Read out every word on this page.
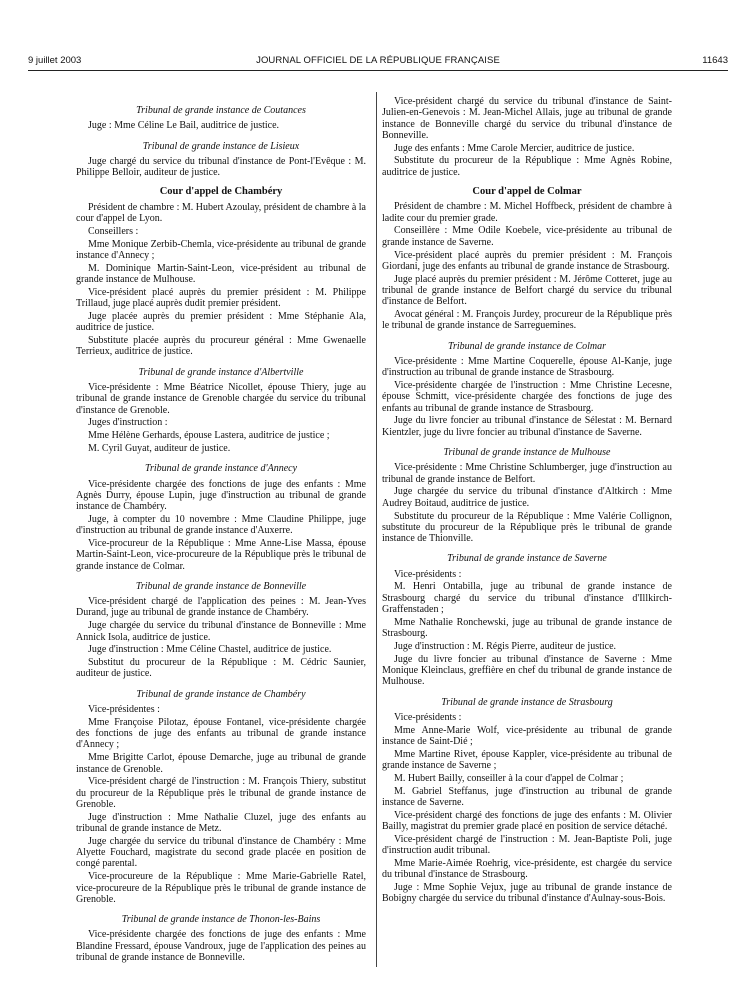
9 juillet 2003	JOURNAL OFFICIEL DE LA RÉPUBLIQUE FRANÇAISE	11643
Tribunal de grande instance de Coutances

Juge : Mme Céline Le Bail, auditrice de justice.

Tribunal de grande instance de Lisieux

Juge chargé du service du tribunal d'instance de Pont-l'Evêque : M. Philippe Belloir, auditeur de justice.

Cour d'appel de Chambéry

Président de chambre : M. Hubert Azoulay, président de chambre à la cour d'appel de Lyon.

Conseillers :

Mme Monique Zerbib-Chemla, vice-présidente au tribunal de grande instance d'Annecy ;

M. Dominique Martin-Saint-Leon, vice-président au tribunal de grande instance de Mulhouse.

Vice-président placé auprès du premier président : M. Philippe Trillaud, juge placé auprès dudit premier président.

Juge placée auprès du premier président : Mme Stéphanie Ala, auditrice de justice.

Substitute placée auprès du procureur général : Mme Gwenaelle Terrieux, auditrice de justice.

Tribunal de grande instance d'Albertville

Vice-présidente : Mme Béatrice Nicollet, épouse Thiery, juge au tribunal de grande instance de Grenoble chargée du service du tribunal d'instance de Grenoble.

Juges d'instruction :

Mme Hélène Gerhards, épouse Lastera, auditrice de justice ;

M. Cyril Guyat, auditeur de justice.

Tribunal de grande instance d'Annecy

Vice-présidente chargée des fonctions de juge des enfants : Mme Agnès Durry, épouse Lupin, juge d'instruction au tribunal de grande instance de Chambéry.

Juge, à compter du 10 novembre : Mme Claudine Philippe, juge d'instruction au tribunal de grande instance d'Auxerre.

Vice-procureur de la République : Mme Anne-Lise Massa, épouse Martin-Saint-Leon, vice-procureure de la République près le tribunal de grande instance de Colmar.

Tribunal de grande instance de Bonneville

Vice-président chargé de l'application des peines : M. Jean-Yves Durand, juge au tribunal de grande instance de Chambéry.

Juge chargée du service du tribunal d'instance de Bonneville : Mme Annick Isola, auditrice de justice.

Juge d'instruction : Mme Céline Chastel, auditrice de justice.

Substitut du procureur de la République : M. Cédric Saunier, auditeur de justice.

Tribunal de grande instance de Chambéry

Vice-présidentes :

Mme Françoise Pilotaz, épouse Fontanel, vice-présidente chargée des fonctions de juge des enfants au tribunal de grande instance d'Annecy ;

Mme Brigitte Carlot, épouse Demarche, juge au tribunal de grande instance de Grenoble.

Vice-président chargé de l'instruction : M. François Thiery, substitut du procureur de la République près le tribunal de grande instance de Grenoble.

Juge d'instruction : Mme Nathalie Cluzel, juge des enfants au tribunal de grande instance de Metz.

Juge chargée du service du tribunal d'instance de Chambéry : Mme Alyette Fouchard, magistrate du second grade placée en position de congé parental.

Vice-procureure de la République : Mme Marie-Gabrielle Ratel, vice-procureure de la République près le tribunal de grande instance de Grenoble.

Tribunal de grande instance de Thonon-les-Bains

Vice-présidente chargée des fonctions de juge des enfants : Mme Blandine Fressard, épouse Vandroux, juge de l'application des peines au tribunal de grande instance de Bonneville.

Vice-président chargé du service du tribunal d'instance de Saint-Julien-en-Genevois : M. Jean-Michel Allais, juge au tribunal de grande instance de Bonneville chargé du service du tribunal d'instance de Bonneville.

Juge des enfants : Mme Carole Mercier, auditrice de justice.

Substitute du procureur de la République : Mme Agnès Robine, auditrice de justice.

Cour d'appel de Colmar

Président de chambre : M. Michel Hoffbeck, président de chambre à ladite cour du premier grade.

Conseillère : Mme Odile Koebele, vice-présidente au tribunal de grande instance de Saverne.

Vice-président placé auprès du premier président : M. François Giordani, juge des enfants au tribunal de grande instance de Strasbourg.

Juge placé auprès du premier président : M. Jérôme Cotteret, juge au tribunal de grande instance de Belfort chargé du service du tribunal d'instance de Belfort.

Avocat général : M. François Jurdey, procureur de la République près le tribunal de grande instance de Sarreguemines.

Tribunal de grande instance de Colmar

Vice-présidente : Mme Martine Coquerelle, épouse Al-Kanje, juge d'instruction au tribunal de grande instance de Strasbourg.

Vice-présidente chargée de l'instruction : Mme Christine Lecesne, épouse Schmitt, vice-présidente chargée des fonctions de juge des enfants au tribunal de grande instance de Strasbourg.

Juge du livre foncier au tribunal d'instance de Sélestat : M. Bernard Kientzler, juge du livre foncier au tribunal d'instance de Saverne.

Tribunal de grande instance de Mulhouse

Vice-présidente : Mme Christine Schlumberger, juge d'instruction au tribunal de grande instance de Belfort.

Juge chargée du service du tribunal d'instance d'Altkirch : Mme Audrey Boitaud, auditrice de justice.

Substitute du procureur de la République : Mme Valérie Collignon, substitute du procureur de la République près le tribunal de grande instance de Thionville.

Tribunal de grande instance de Saverne

Vice-présidents :

M. Henri Ontabilla, juge au tribunal de grande instance de Strasbourg chargé du service du tribunal d'instance d'Illkirch-Graffenstaden ;

Mme Nathalie Ronchewski, juge au tribunal de grande instance de Strasbourg.

Juge d'instruction : M. Régis Pierre, auditeur de justice.

Juge du livre foncier au tribunal d'instance de Saverne : Mme Monique Kleinclaus, greffière en chef du tribunal de grande instance de Mulhouse.

Tribunal de grande instance de Strasbourg

Vice-présidents :

Mme Anne-Marie Wolf, vice-présidente au tribunal de grande instance de Saint-Dié ;

Mme Martine Rivet, épouse Kappler, vice-présidente au tribunal de grande instance de Saverne ;

M. Hubert Bailly, conseiller à la cour d'appel de Colmar ;

M. Gabriel Steffanus, juge d'instruction au tribunal de grande instance de Saverne.

Vice-président chargé des fonctions de juge des enfants : M. Olivier Bailly, magistrat du premier grade placé en position de service détaché.

Vice-président chargé de l'instruction : M. Jean-Baptiste Poli, juge d'instruction audit tribunal.

Mme Marie-Aimée Roehrig, vice-présidente, est chargée du service du tribunal d'instance de Strasbourg.

Juge : Mme Sophie Vejux, juge au tribunal de grande instance de Bobigny chargée du service du tribunal d'instance d'Aulnay-sous-Bois.
